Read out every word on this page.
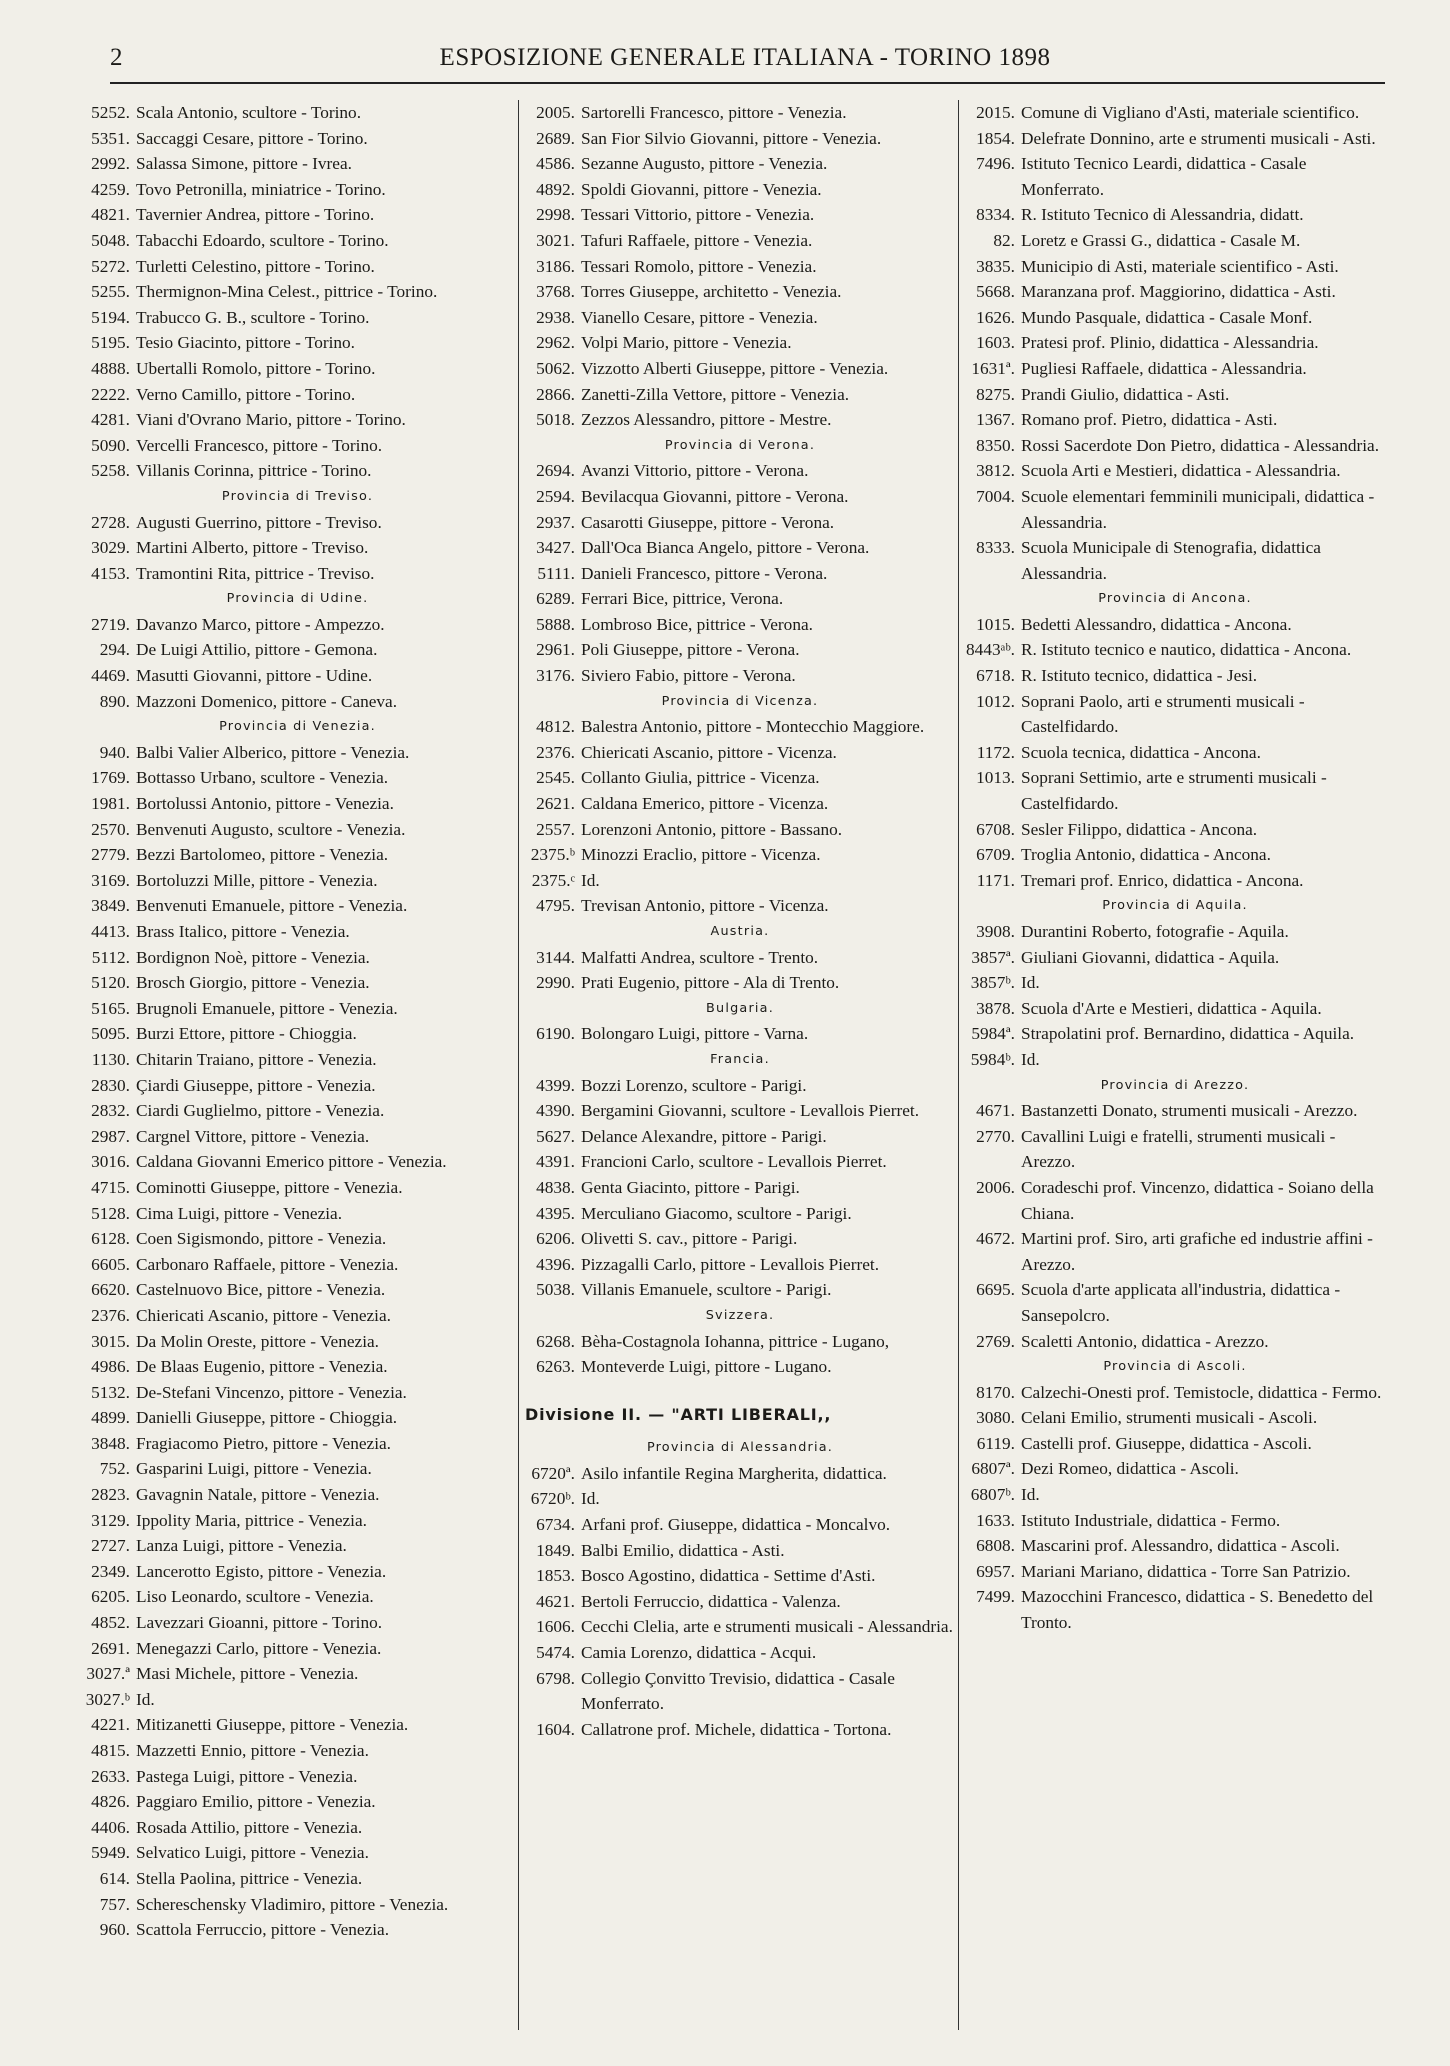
2	ESPOSIZIONE GENERALE ITALIANA - TORINO 1898
5252. Scala Antonio, scultore - Torino.
5351. Saccaggi Cesare, pittore - Torino.
2992. Salassa Simone, pittore - Ivrea.
4259. Tovo Petronilla, miniatrice - Torino.
4821. Tavernier Andrea, pittore - Torino.
5048. Tabacchi Edoardo, scultore - Torino.
5272. Turletti Celestino, pittore - Torino.
5255. Thermignon-Mina Celest., pittrice - Torino.
5194. Trabucco G. B., scultore - Torino.
5195. Tesio Giacinto, pittore - Torino.
4888. Ubertalli Romolo, pittore - Torino.
2222. Verno Camillo, pittore - Torino.
4281. Viani d'Ovrano Mario, pittore - Torino.
5090. Vercelli Francesco, pittore - Torino.
5258. Villanis Corinna, pittrice - Torino.
Provincia di Treviso.
2728. Augusti Guerrino, pittore - Treviso.
3029. Martini Alberto, pittore - Treviso.
4153. Tramontini Rita, pittrice - Treviso.
Provincia di Udine.
2719. Davanzo Marco, pittore - Ampezzo.
294. De Luigi Attilio, pittore - Gemona.
4469. Masutti Giovanni, pittore - Udine.
890. Mazzoni Domenico, pittore - Caneva.
Provincia di Venezia.
940. Balbi Valier Alberico, pittore - Venezia.
1769. Bottasso Urbano, scultore - Venezia.
1981. Bortolussi Antonio, pittore - Venezia.
2570. Benvenuti Augusto, scultore - Venezia.
2779. Bezzi Bartolomeo, pittore - Venezia.
3169. Bortoluzzi Mille, pittore - Venezia.
3849. Benvenuti Emanuele, pittore - Venezia.
4413. Brass Italico, pittore - Venezia.
5112. Bordignon Noè, pittore - Venezia.
5120. Brosch Giorgio, pittore - Venezia.
5165. Brugnoli Emanuele, pittore - Venezia.
5095. Burzi Ettore, pittore - Chioggia.
1130. Chitarin Traiano, pittore - Venezia.
2830. Çiardi Giuseppe, pittore - Venezia.
2832. Ciardi Guglielmo, pittore - Venezia.
2987. Cargnel Vittore, pittore - Venezia.
3016. Caldana Giovanni Emerico pittore - Venezia.
4715. Cominotti Giuseppe, pittore - Venezia.
5128. Cima Luigi, pittore - Venezia.
6128. Coen Sigismondo, pittore - Venezia.
6605. Carbonaro Raffaele, pittore - Venezia.
6620. Castelnuovo Bice, pittore - Venezia.
2376. Chiericati Ascanio, pittore - Venezia.
3015. Da Molin Oreste, pittore - Venezia.
4986. De Blaas Eugenio, pittore - Venezia.
5132. De-Stefani Vincenzo, pittore - Venezia.
4899. Danielli Giuseppe, pittore - Chioggia.
3848. Fragiacomo Pietro, pittore - Venezia.
752. Gasparini Luigi, pittore - Venezia.
2823. Gavagnin Natale, pittore - Venezia.
3129. Ippolity Maria, pittrice - Venezia.
2727. Lanza Luigi, pittore - Venezia.
2349. Lancerotto Egisto, pittore - Venezia.
6205. Liso Leonardo, scultore - Venezia.
4852. Lavezzari Gioanni, pittore - Torino.
2691. Menegazzi Carlo, pittore - Venezia.
3027.ª Masi Michele, pittore - Venezia.
3027.ᵇ Id.
4221. Mitizanetti Giuseppe, pittore - Venezia.
4815. Mazzetti Ennio, pittore - Venezia.
2633. Pastega Luigi, pittore - Venezia.
4826. Paggiaro Emilio, pittore - Venezia.
4406. Rosada Attilio, pittore - Venezia.
5949. Selvatico Luigi, pittore - Venezia.
614. Stella Paolina, pittrice - Venezia.
757. Schereschensky Vladimiro, pittore - Venezia.
960. Scattola Ferruccio, pittore - Venezia.
2005. Sartorelli Francesco, pittore - Venezia.
2689. San Fior Silvio Giovanni, pittore - Venezia.
4586. Sezanne Augusto, pittore - Venezia.
4892. Spoldi Giovanni, pittore - Venezia.
2998. Tessari Vittorio, pittore - Venezia.
3021. Tafuri Raffaele, pittore - Venezia.
3186. Tessari Romolo, pittore - Venezia.
3768. Torres Giuseppe, architetto - Venezia.
2938. Vianello Cesare, pittore - Venezia.
2962. Volpi Mario, pittore - Venezia.
5062. Vizzotto Alberti Giuseppe, pittore - Venezia.
2866. Zanetti-Zilla Vettore, pittore - Venezia.
5018. Zezzos Alessandro, pittore - Mestre.
Provincia di Verona.
2694. Avanzi Vittorio, pittore - Verona.
2594. Bevilacqua Giovanni, pittore - Verona.
2937. Casarotti Giuseppe, pittore - Verona.
3427. Dall'Oca Bianca Angelo, pittore - Verona.
5111. Danieli Francesco, pittore - Verona.
6289. Ferrari Bice, pittrice, Verona.
5888. Lombroso Bice, pittrice - Verona.
2961. Poli Giuseppe, pittore - Verona.
3176. Siviero Fabio, pittore - Verona.
Provincia di Vicenza.
4812. Balestra Antonio, pittore - Montecchio Maggiore.
2376. Chiericati Ascanio, pittore - Vicenza.
2545. Collanto Giulia, pittrice - Vicenza.
2621. Caldana Emerico, pittore - Vicenza.
2557. Lorenzoni Antonio, pittore - Bassano.
2375.ᵇ Minozzi Eraclio, pittore - Vicenza.
2375.ᶜ Id.
4795. Trevisan Antonio, pittore - Vicenza.
Austria.
3144. Malfatti Andrea, scultore - Trento.
2990. Prati Eugenio, pittore - Ala di Trento.
Bulgaria.
6190. Bolongaro Luigi, pittore - Varna.
Francia.
4399. Bozzi Lorenzo, scultore - Parigi.
4390. Bergamini Giovanni, scultore - Levallois Pierret.
5627. Delance Alexandre, pittore - Parigi.
4391. Francioni Carlo, scultore - Levallois Pierret.
4838. Genta Giacinto, pittore - Parigi.
4395. Merculiano Giacomo, scultore - Parigi.
6206. Olivetti S. cav., pittore - Parigi.
4396. Pizzagalli Carlo, pittore - Levallois Pierret.
5038. Villanis Emanuele, scultore - Parigi.
Svizzera.
6268. Bèha-Costagnola Iohanna, pittrice - Lugano,
6263. Monteverde Luigi, pittore - Lugano.
Divisione II. — "ARTI LIBERALI,,
Provincia di Alessandria.
6720ª. Asilo infantile Regina Margherita, didattica.
6720ᵇ. Id.
6734. Arfani prof. Giuseppe, didattica - Moncalvo.
1849. Balbi Emilio, didattica - Asti.
1853. Bosco Agostino, didattica - Settime d'Asti.
4621. Bertoli Ferruccio, didattica - Valenza.
1606. Cecchi Clelia, arte e strumenti musicali - Alessandria.
5474. Camia Lorenzo, didattica - Acqui.
6798. Collegio Çonvitto Trevisio, didattica - Casale Monferrato.
1604. Callatrone prof. Michele, didattica - Tortona.
2015. Comune di Vigliano d'Asti, materiale scientifico.
1854. Delefrate Donnino, arte e strumenti musicali - Asti.
7496. Istituto Tecnico Leardi, didattica - Casale Monferrato.
8334. R. Istituto Tecnico di Alessandria, didatt.
82. Loretz e Grassi G., didattica - Casale M.
3835. Municipio di Asti, materiale scientifico - Asti.
5668. Maranzana prof. Maggiorino, didattica - Asti.
1626. Mundo Pasquale, didattica - Casale Monf.
1603. Pratesi prof. Plinio, didattica - Alessandria.
1631ª. Pugliesi Raffaele, didattica - Alessandria.
8275. Prandi Giulio, didattica - Asti.
1367. Romano prof. Pietro, didattica - Asti.
8350. Rossi Sacerdote Don Pietro, didattica - Alessandria.
3812. Scuola Arti e Mestieri, didattica - Alessandria.
7004. Scuole elementari femminili municipali, didattica - Alessandria.
8333. Scuola Municipale di Stenografia, didattica Alessandria.
Provincia di Ancona.
1015. Bedetti Alessandro, didattica - Ancona.
8443ᵃᵇ. R. Istituto tecnico e nautico, didattica - Ancona.
6718. R. Istituto tecnico, didattica - Jesi.
1012. Soprani Paolo, arti e strumenti musicali - Castelfidardo.
1172. Scuola tecnica, didattica - Ancona.
1013. Soprani Settimio, arte e strumenti musicali - Castelfidardo.
6708. Sesler Filippo, didattica - Ancona.
6709. Troglia Antonio, didattica - Ancona.
1171. Tremari prof. Enrico, didattica - Ancona.
Provincia di Aquila.
3908. Durantini Roberto, fotografie - Aquila.
3857ª. Giuliani Giovanni, didattica - Aquila.
3857ᵇ. Id.
3878. Scuola d'Arte e Mestieri, didattica - Aquila.
5984ª. Strapolatini prof. Bernardino, didattica - Aquila.
5984ᵇ. Id.
Provincia di Arezzo.
4671. Bastanzetti Donato, strumenti musicali - Arezzo.
2770. Cavallini Luigi e fratelli, strumenti musicali - Arezzo.
2006. Coradeschi prof. Vincenzo, didattica - Soiano della Chiana.
4672. Martini prof. Siro, arti grafiche ed industrie affini - Arezzo.
6695. Scuola d'arte applicata all'industria, didattica - Sansepolcro.
2769. Scaletti Antonio, didattica - Arezzo.
Provincia di Ascoli.
8170. Calzechi-Onesti prof. Temistocle, didattica - Fermo.
3080. Celani Emilio, strumenti musicali - Ascoli.
6119. Castelli prof. Giuseppe, didattica - Ascoli.
6807ª. Dezi Romeo, didattica - Ascoli.
6807ᵇ. Id.
1633. Istituto Industriale, didattica - Fermo.
6808. Mascarini prof. Alessandro, didattica - Ascoli.
6957. Mariani Mariano, didattica - Torre San Patrizio.
7499. Mazocchini Francesco, didattica - S. Benedetto del Tronto.
